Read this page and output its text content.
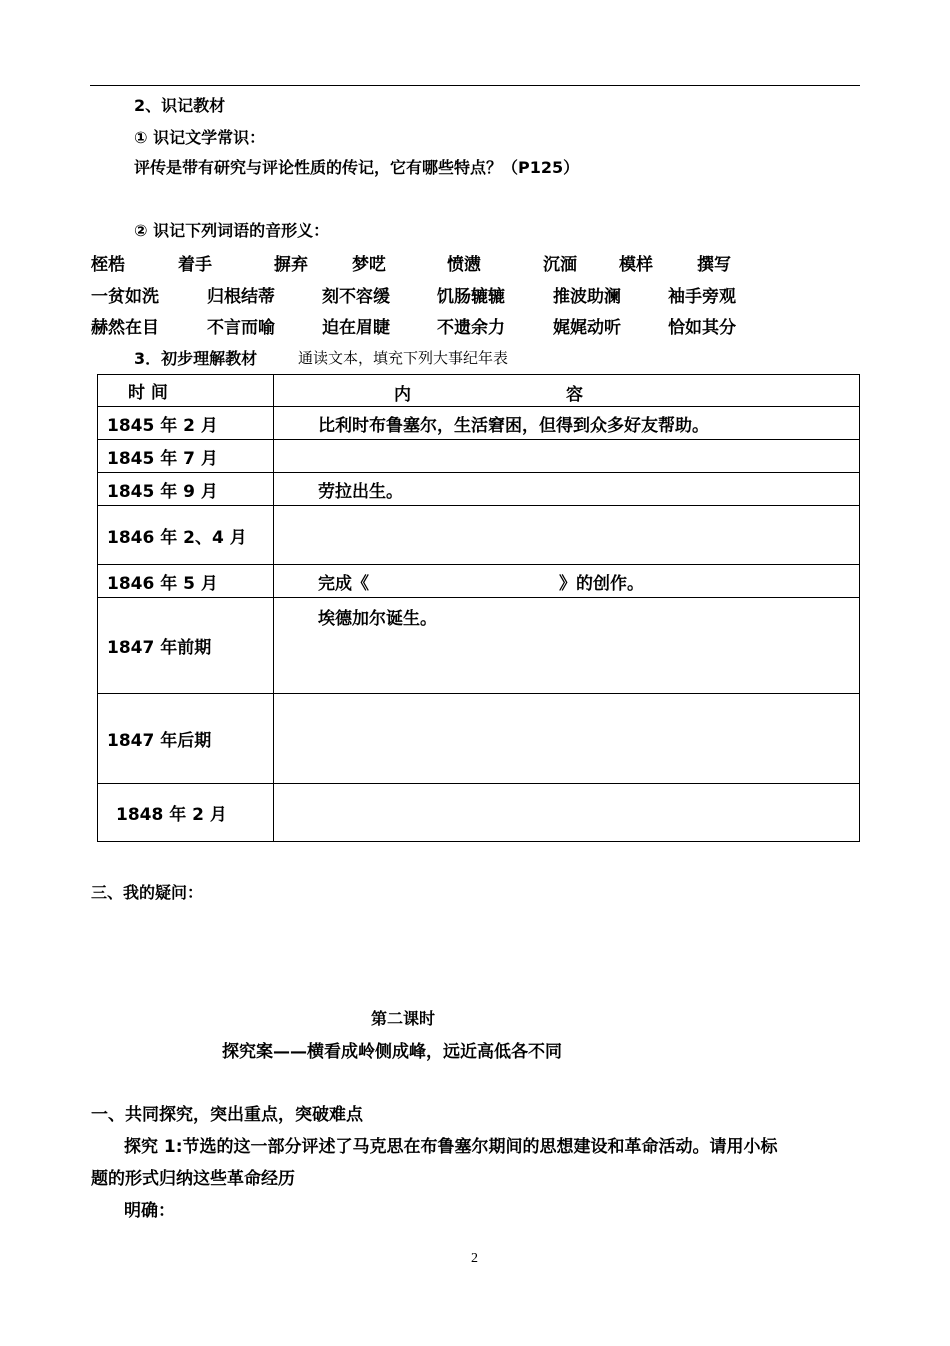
2、识记教材
① 识记文学常识：
评传是带有研究与评论性质的传记，它有哪些特点？（P125）
② 识记下列词语的音形义：
桎梏	着手	摒弃	梦呓	愤懑	沉湎 模样	撰写
一贫如洗	归根结蒂	刻不容缓	饥肠辘辘	推波助澜	袖手旁观
赫然在目	不言而喻	迫在眉睫	不遗余力	娓娓动听	恰如其分
3．初步理解教材	通读文本，填充下列大事纪年表
时 间	内 容

1845 年 2 月	比利时布鲁塞尔，生活窘困，但得到众多好友帮助。
1845 年 7 月	
1845 年 9 月	劳拉出生。
1846 年 2、4 月	
1846 年 5 月	完成《 》的创作。
1847 年前期	埃德加尔诞生。
1847 年后期	
1848 年 2 月	
三、我的疑问：
第二课时
探究案——横看成岭侧成峰，远近高低各不同
一、共同探究，突出重点，突破难点
探究 1:节选的这一部分评述了马克思在布鲁塞尔期间的思想建设和革命活动。请用小标
题的形式归纳这些革命经历
明确：
2
